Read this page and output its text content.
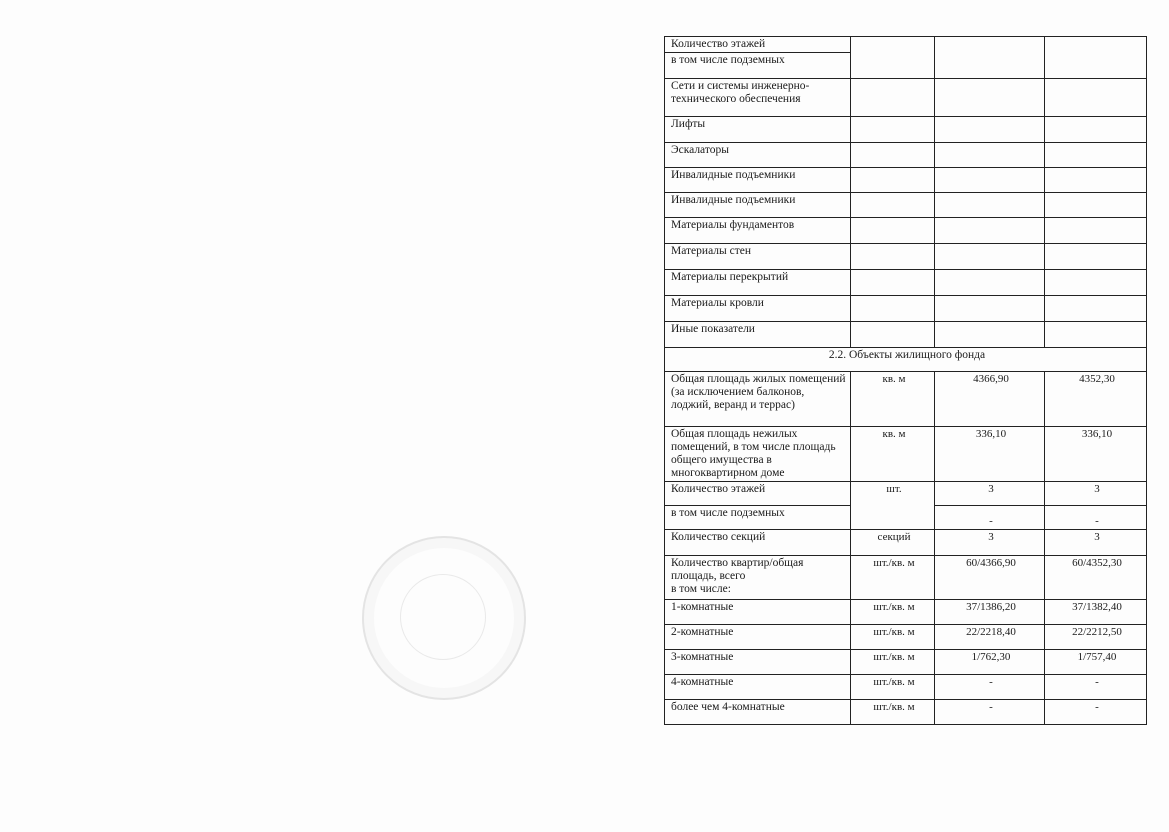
Количество этажей			
в том числе подземных			
Сети и системы инженерно-технического обеспечения			
Лифты			
Эскалаторы			
Инвалидные подъемники			
Инвалидные подъемники			
Материалы фундаментов			
Материалы стен			
Материалы перекрытий			
Материалы кровли			
Иные показатели			
2.2. Объекты жилищного фонда			
Общая площадь жилых помещений (за исключением балконов, лоджий, веранд и террас)	кв. м	4366,90	4352,30
Общая площадь нежилых помещений, в том числе площадь общего имущества в многоквартирном доме	кв. м	336,10	336,10
Количество этажей	шт.	3	3
в том числе подземных		-	-
Количество секций	секций	3	3

Количество квартир/общая площадь, всего
в том числе:	шт./кв. м	60/4366,90	60/4352,30
1-комнатные	шт./кв. м	37/1386,20	37/1382,40
2-комнатные	шт./кв. м	22/2218,40	22/2212,50
3-комнатные	шт./кв. м	1/762,30	1/757,40
4-комнатные	шт./кв. м	-	-
более чем 4-комнатные	шт./кв. м	-	-
